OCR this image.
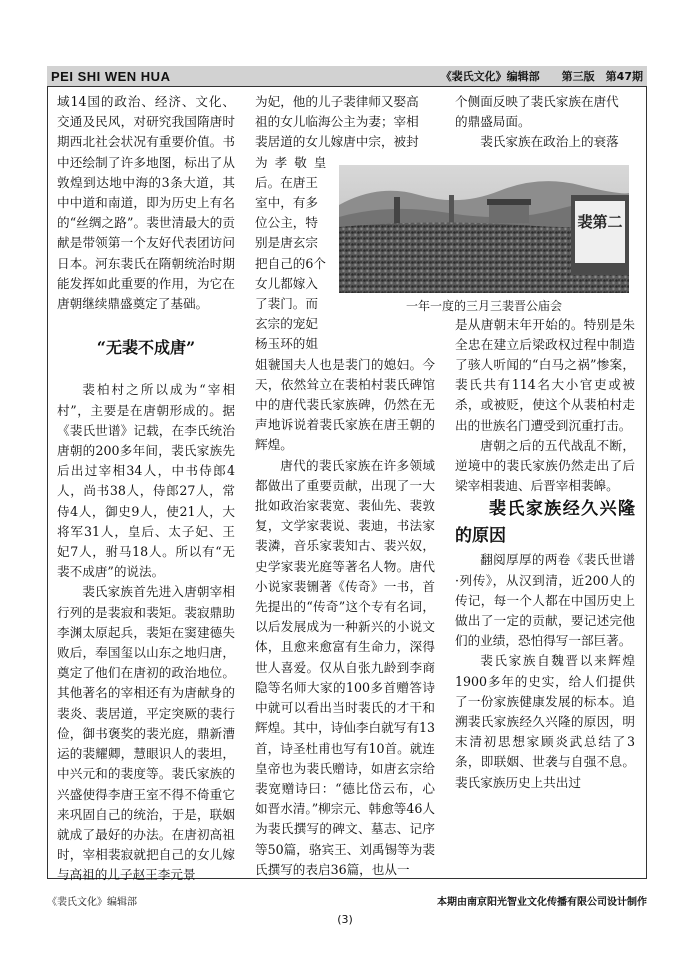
PEI SHI WEN HUA	《裴氏文化》编辑部　　第三版　第47期

域14国的政治、经济、文化、交通及民风，对研究我国隋唐时期西北社会状况有重要价值。书中还绘制了许多地图，标出了从敦煌到达地中海的3条大道，其中中道和南道，即为历史上有名的“丝绸之路”。裴世清最大的贡献是带领第一个友好代表团访问日本。河东裴氏在隋朝统治时期能发挥如此重要的作用，为它在唐朝继续鼎盛奠定了基础。

“无裴不成唐”

裴柏村之所以成为“宰相村”，主要是在唐朝形成的。据《裴氏世谱》记载，在李氏统治唐朝的200多年间，裴氏家族先后出过宰相34人，中书侍郎4人，尚书38人，侍郎27人，常侍4人，御史9人，使21人，大将军31人，皇后、太子妃、王妃7人，驸马18人。所以有“无裴不成唐”的说法。

裴氏家族首先进入唐朝宰相行列的是裴寂和裴矩。裴寂鼎助李渊太原起兵，裴矩在窦建德失败后，奉国玺以山东之地归唐，奠定了他们在唐初的政治地位。其他著名的宰相还有为唐献身的裴炎、裴居道，平定突厥的裴行俭，御书褒奖的裴光庭，鼎新漕运的裴耀卿，慧眼识人的裴坦，中兴元和的裴度等。裴氏家族的兴盛使得李唐王室不得不倚重它来巩固自己的统治，于是，联姻就成了最好的办法。在唐初高祖时，宰相裴寂就把自己的女儿嫁与高祖的儿子赵王李元景

为妃，他的儿子裴律师又娶高
祖的女儿临海公主为妻；宰相
裴居道的女儿嫁唐中宗，被封
为孝敬皇
后。在唐王
室中，有多
位公主，特
别是唐玄宗
把自己的6个
女儿都嫁入
了裴门。而
玄宗的宠妃
杨玉环的姐

姐虢国夫人也是裴门的媳妇。今天，依然耸立在裴柏村裴氏碑馆中的唐代裴氏家族碑，仍然在无声地诉说着裴氏家族在唐王朝的辉煌。

唐代的裴氏家族在许多领域都做出了重要贡献，出现了一大批如政治家裴宽、裴仙先、裴敦复，文学家裴说、裴迪，书法家裴潾，音乐家裴知古、裴兴奴，史学家裴光庭等著名人物。唐代小说家裴铏著《传奇》一书，首先提出的“传奇”这个专有名词，以后发展成为一种新兴的小说文体，且愈来愈富有生命力，深得世人喜爱。仅从自张九龄到李商隐等名师大家的100多首赠答诗中就可以看出当时裴氏的才干和辉煌。其中，诗仙李白就写有13首，诗圣杜甫也写有10首。就连皇帝也为裴氏赠诗，如唐玄宗给裴宽赠诗曰：“德比岱云布，心如晋水清。”柳宗元、韩愈等46人为裴氏撰写的碑文、墓志、记序等50篇，骆宾王、刘禹锡等为裴氏撰写的表启36篇，也从一

个侧面反映了裴氏家族在唐代
的鼎盛局面。

裴氏家族在政治上的衰落

是从唐朝末年开始的。特别是朱全忠在建立后梁政权过程中制造了骇人听闻的“白马之祸”惨案，裴氏共有114名大小官吏或被杀，或被贬，使这个从裴柏村走出的世族名门遭受到沉重打击。

唐朝之后的五代战乱不断，逆境中的裴氏家族仍然走出了后梁宰相裴迪、后晋宰相裴皞。

裴氏家族经久兴隆的原因

翻阅厚厚的两卷《裴氏世谱·列传》，从汉到清，近200人的传记，每一个人都在中国历史上做出了一定的贡献，要记述完他们的业绩，恐怕得写一部巨著。

裴氏家族自魏晋以来辉煌1900多年的史实，给人们提供了一份家族健康发展的标本。追溯裴氏家族经久兴隆的原因，明末清初思想家顾炎武总结了3条，即联姻、世袭与自强不息。裴氏家族历史上共出过

裴第二
一年一度的三月三裴晋公庙会
《裴氏文化》编辑部	本期由南京阳光智业文化传播有限公司设计制作
(3)
